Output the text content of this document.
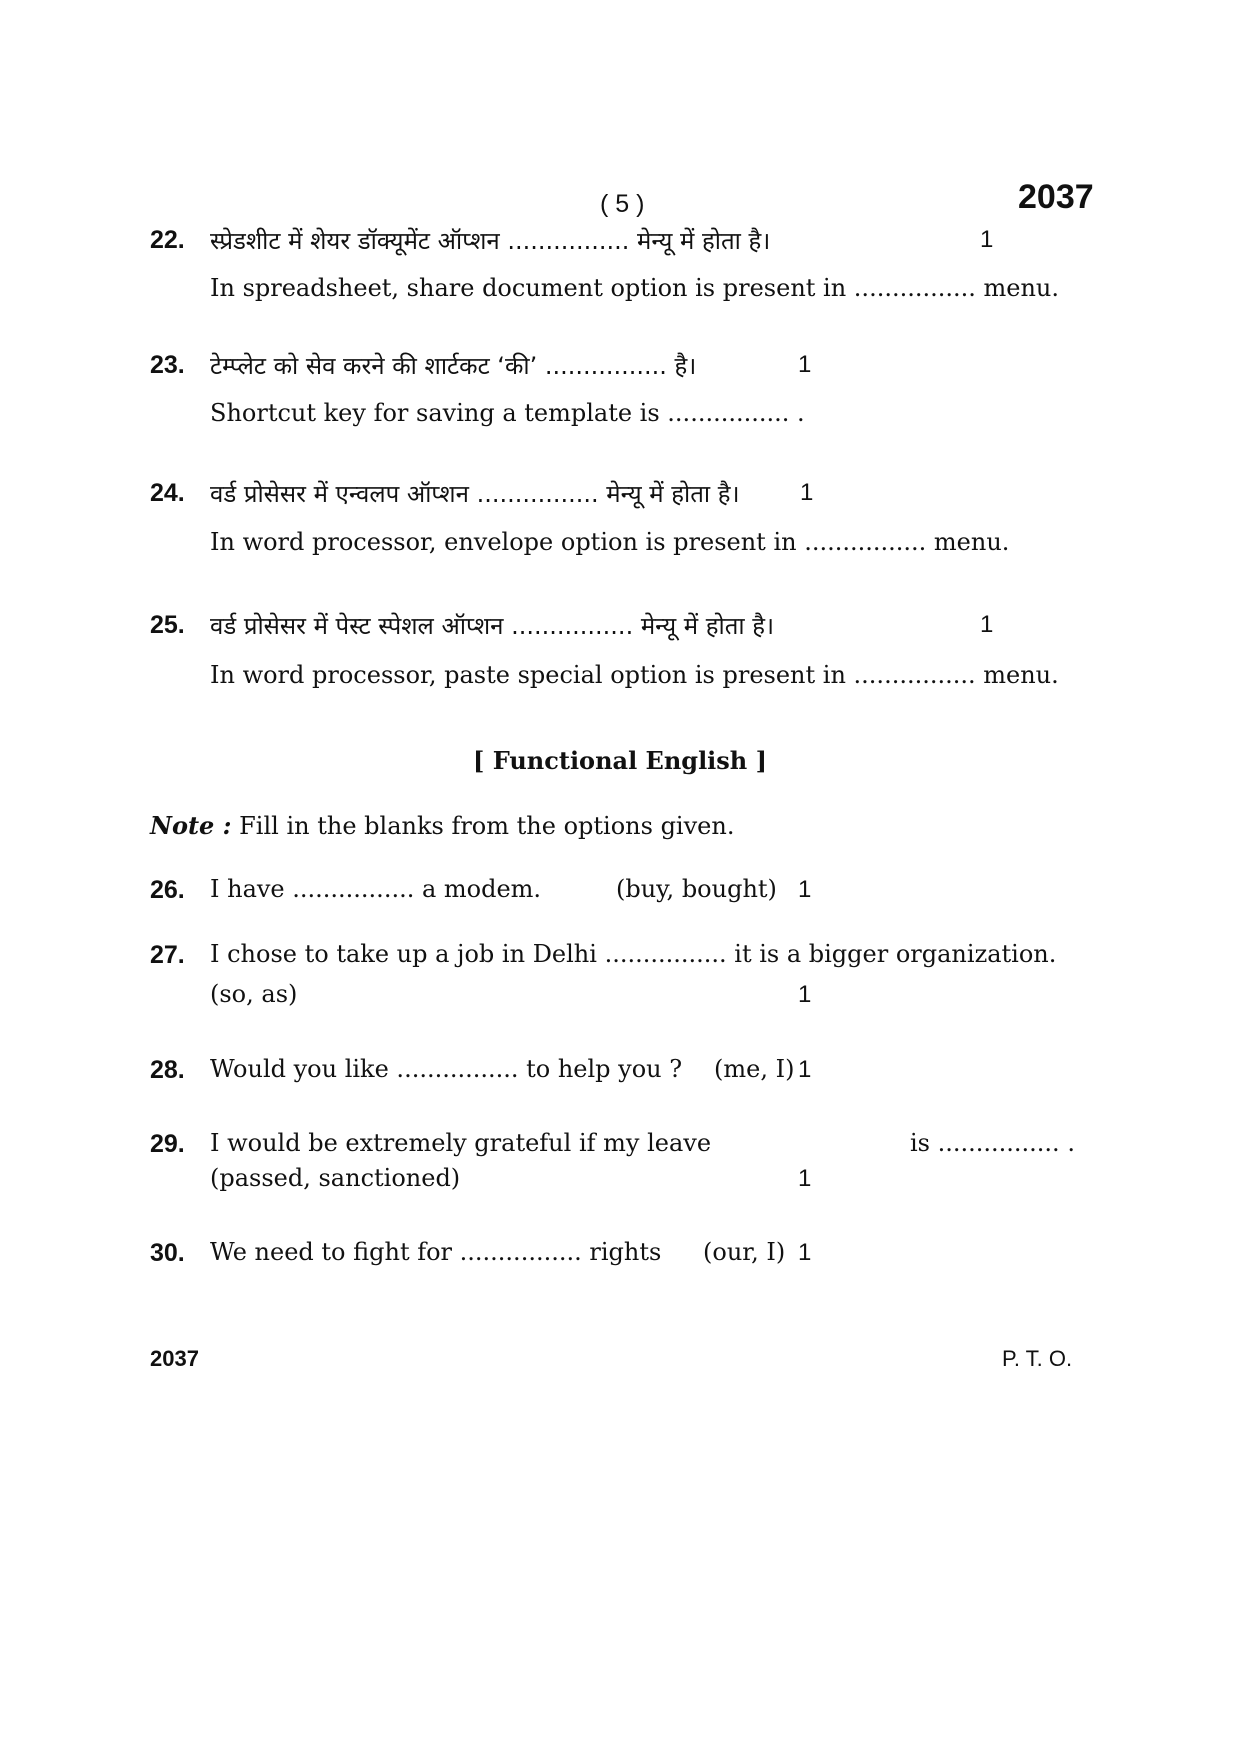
( 5 )	2037
22. स्प्रेडशीट में शेयर डॉक्यूमेंट ऑप्शन ................ मेन्यू में होता है।	1
In spreadsheet, share document option is present in ................ menu.
23. टेम्प्लेट को सेव करने की शार्टकट ‘की’ ................ है।	1
Shortcut key for saving a template is ................ .
24. वर्ड प्रोसेसर में एन्वलप ऑप्शन ................ मेन्यू में होता है।	1
In word processor, envelope option is present in ................ menu.
25. वर्ड प्रोसेसर में पेस्ट स्पेशल ऑप्शन ................ मेन्यू में होता है।	1
In word processor, paste special option is present in ................ menu.
[ Functional English ]
Note : Fill in the blanks from the options given.
26. I have ................ a modem.	(buy, bought) 1
27. I chose to take up a job in Delhi ................ it is a bigger organization.
(so, as)	1
28. Would you like ................ to help you ? (me, I) 1
29. I would be extremely grateful if my leave	is ................ .
(passed, sanctioned)	1
30. We need to fight for ................ rights (our, I) 1
2037	P. T. O.
